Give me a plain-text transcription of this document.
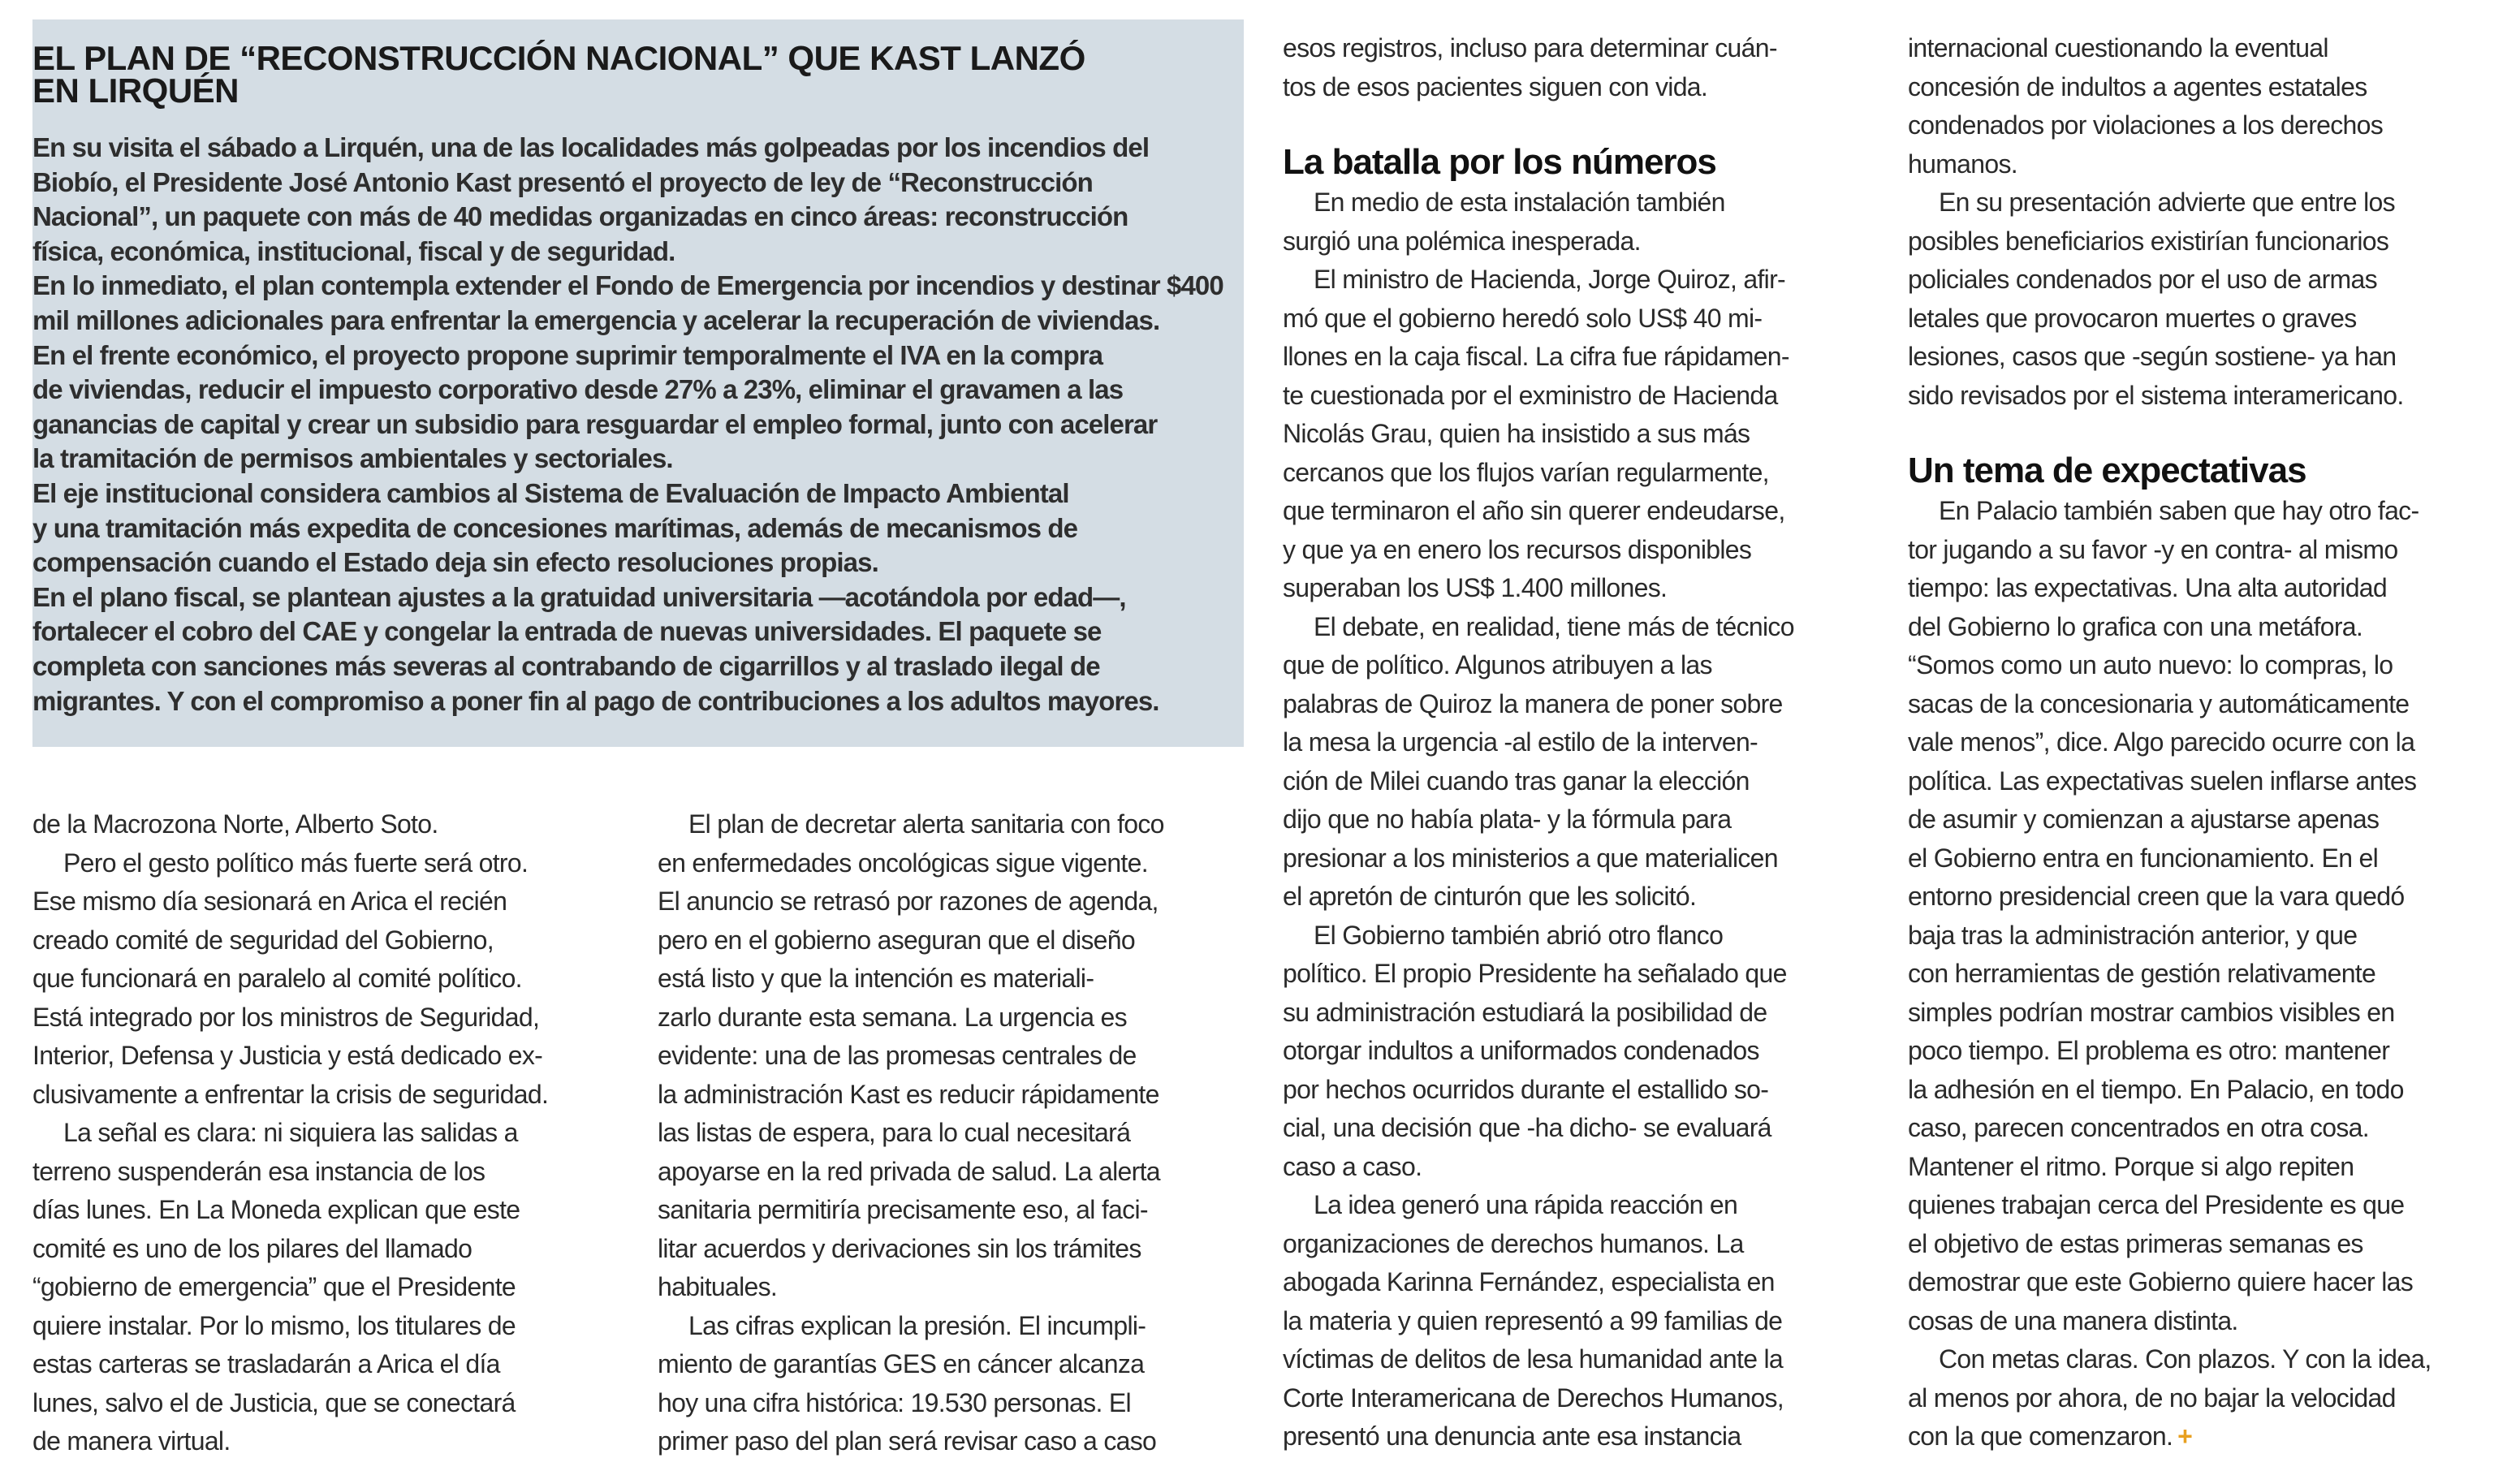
EL PLAN DE “RECONSTRUCCIÓN NACIONAL” QUE KAST LANZÓ
EN LIRQUÉN
En su visita el sábado a Lirquén, una de las localidades más golpeadas por los incendios del
Biobío, el Presidente José Antonio Kast presentó el proyecto de ley de “Reconstrucción
Nacional”, un paquete con más de 40 medidas organizadas en cinco áreas: reconstrucción
física, económica, institucional, fiscal y de seguridad.
En lo inmediato, el plan contempla extender el Fondo de Emergencia por incendios y destinar $400
mil millones adicionales para enfrentar la emergencia y acelerar la recuperación de viviendas.
En el frente económico, el proyecto propone suprimir temporalmente el IVA en la compra
de viviendas, reducir el impuesto corporativo desde 27% a 23%, eliminar el gravamen a las
ganancias de capital y crear un subsidio para resguardar el empleo formal, junto con acelerar
la tramitación de permisos ambientales y sectoriales.
El eje institucional considera cambios al Sistema de Evaluación de Impacto Ambiental
y una tramitación más expedita de concesiones marítimas, además de mecanismos de
compensación cuando el Estado deja sin efecto resoluciones propias.
En el plano fiscal, se plantean ajustes a la gratuidad universitaria —acotándola por edad—,
fortalecer el cobro del CAE y congelar la entrada de nuevas universidades. El paquete se
completa con sanciones más severas al contrabando de cigarrillos y al traslado ilegal de
migrantes. Y con el compromiso a poner fin al pago de contribuciones a los adultos mayores.
de la Macrozona Norte, Alberto Soto.
Pero el gesto político más fuerte será otro.
Ese mismo día sesionará en Arica el recién
creado comité de seguridad del Gobierno,
que funcionará en paralelo al comité político.
Está integrado por los ministros de Seguridad,
Interior, Defensa y Justicia y está dedicado ex-
clusivamente a enfrentar la crisis de seguridad.
La señal es clara: ni siquiera las salidas a
terreno suspenderán esa instancia de los
días lunes. En La Moneda explican que este
comité es uno de los pilares del llamado
“gobierno de emergencia” que el Presidente
quiere instalar. Por lo mismo, los titulares de
estas carteras se trasladarán a Arica el día
lunes, salvo el de Justicia, que se conectará
de manera virtual.
El plan de decretar alerta sanitaria con foco
en enfermedades oncológicas sigue vigente.
El anuncio se retrasó por razones de agenda,
pero en el gobierno aseguran que el diseño
está listo y que la intención es materiali-
zarlo durante esta semana. La urgencia es
evidente: una de las promesas centrales de
la administración Kast es reducir rápidamente
las listas de espera, para lo cual necesitará
apoyarse en la red privada de salud. La alerta
sanitaria permitiría precisamente eso, al faci-
litar acuerdos y derivaciones sin los trámites
habituales.
Las cifras explican la presión. El incumpli-
miento de garantías GES en cáncer alcanza
hoy una cifra histórica: 19.530 personas. El
primer paso del plan será revisar caso a caso
esos registros, incluso para determinar cuán-
tos de esos pacientes siguen con vida.
La batalla por los números
En medio de esta instalación también
surgió una polémica inesperada.
El ministro de Hacienda, Jorge Quiroz, afir-
mó que el gobierno heredó solo US$ 40 mi-
llones en la caja fiscal. La cifra fue rápidamen-
te cuestionada por el exministro de Hacienda
Nicolás Grau, quien ha insistido a sus más
cercanos que los flujos varían regularmente,
que terminaron el año sin querer endeudarse,
y que ya en enero los recursos disponibles
superaban los US$ 1.400 millones.
El debate, en realidad, tiene más de técnico
que de político. Algunos atribuyen a las
palabras de Quiroz la manera de poner sobre
la mesa la urgencia -al estilo de la interven-
ción de Milei cuando tras ganar la elección
dijo que no había plata- y la fórmula para
presionar a los ministerios a que materialicen
el apretón de cinturón que les solicitó.
El Gobierno también abrió otro flanco
político. El propio Presidente ha señalado que
su administración estudiará la posibilidad de
otorgar indultos a uniformados condenados
por hechos ocurridos durante el estallido so-
cial, una decisión que -ha dicho- se evaluará
caso a caso.
La idea generó una rápida reacción en
organizaciones de derechos humanos. La
abogada Karinna Fernández, especialista en
la materia y quien representó a 99 familias de
víctimas de delitos de lesa humanidad ante la
Corte Interamericana de Derechos Humanos,
presentó una denuncia ante esa instancia
internacional cuestionando la eventual
concesión de indultos a agentes estatales
condenados por violaciones a los derechos
humanos.
En su presentación advierte que entre los
posibles beneficiarios existirían funcionarios
policiales condenados por el uso de armas
letales que provocaron muertes o graves
lesiones, casos que -según sostiene- ya han
sido revisados por el sistema interamericano.
Un tema de expectativas
En Palacio también saben que hay otro fac-
tor jugando a su favor -y en contra- al mismo
tiempo: las expectativas. Una alta autoridad
del Gobierno lo grafica con una metáfora.
“Somos como un auto nuevo: lo compras, lo
sacas de la concesionaria y automáticamente
vale menos”, dice. Algo parecido ocurre con la
política. Las expectativas suelen inflarse antes
de asumir y comienzan a ajustarse apenas
el Gobierno entra en funcionamiento. En el
entorno presidencial creen que la vara quedó
baja tras la administración anterior, y que
con herramientas de gestión relativamente
simples podrían mostrar cambios visibles en
poco tiempo. El problema es otro: mantener
la adhesión en el tiempo. En Palacio, en todo
caso, parecen concentrados en otra cosa.
Mantener el ritmo. Porque si algo repiten
quienes trabajan cerca del Presidente es que
el objetivo de estas primeras semanas es
demostrar que este Gobierno quiere hacer las
cosas de una manera distinta.
Con metas claras. Con plazos. Y con la idea,
al menos por ahora, de no bajar la velocidad
con la que comenzaron. +
